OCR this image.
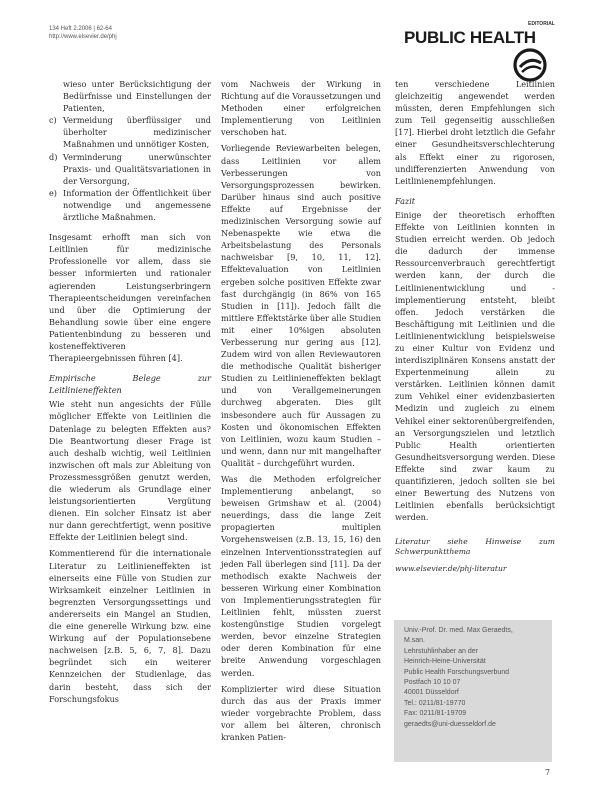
134 Heft 2.2006 | 62-64
http://www.elsevier.de/phj
EDITORIAL
PUBLIC HEALTH
wieso unter Berücksichtigung der Bedürfnisse und Einstellungen der Patienten,
c) Vermeidung überflüssiger und überholter medizinischer Maßnahmen und unnötiger Kosten,
d) Verminderung unerwünschter Praxis- und Qualitätsvariationen in der Versorgung,
e) Information der Öffentlichkeit über notwendige und angemessene ärztliche Maßnahmen.

Insgesamt erhofft man sich von Leitlinien für medizinische Professionelle vor allem, dass sie besser informierten und rationaler agierenden Leistungserbringern Therapieentscheidungen vereinfachen und über die Optimierung der Behandlung sowie über eine engere Patientenbindung zu besseren und kosteneffektiveren Therapieergebnissen führen [4].

Empirische Belege zur Leitlinieneffekten

Wie steht nun angesichts der Fülle möglicher Effekte von Leitlinien die Datenlage zu belegten Effekten aus? Die Beantwortung dieser Frage ist auch deshalb wichtig, weil Leitlinien inzwischen oft mals zur Ableitung von Prozessmessgrößen genutzt werden, die wiederum als Grundlage einer leistungsorientierten Vergütung dienen. Ein solcher Einsatz ist aber nur dann gerechtfertigt, wenn positive Effekte der Leitlinien belegt sind.

Kommentierend für die internationale Literatur zu Leitlinieneffekten ist einerseits eine Fülle von Studien zur Wirksamkeit einzelner Leitlinien in begrenzten Versorgungssettings und andererseits ein Mangel an Studien, die eine generelle Wirkung bzw. eine Wirkung auf der Populationsebene nachweisen [z.B. 5, 6, 7, 8]. Dazu begründet sich ein weiterer Kennzeichen der Studienlage, das darin besteht, dass sich der Forschungsfokus

vom Nachweis der Wirkung in Richtung auf die Voraussetzungen und Methoden einer erfolgreichen Implementierung von Leitlinien verschoben hat.

Vorliegende Reviewarbeiten belegen, dass Leitlinien vor allem Verbesserungen von Versorgungsprozessen bewirken. Darüber hinaus sind auch positive Effekte auf Ergebnisse der medizinischen Versorgung sowie auf Nebenaspekte wie etwa die Arbeitsbelastung des Personals nachweisbar [9, 10, 11, 12]. Effektevaluation von Leitlinien ergeben solche positiven Effekte zwar fast durchgängig (in 86% von 165 Studien in [11]). Jedoch fällt die mittlere Effektstärke über alle Studien mit einer 10%igen absoluten Verbesserung nur gering aus [12]. Zudem wird von allen Reviewautoren die methodische Qualität bisheriger Studien zu Leitlinieneffekten beklagt und von Verallgemeinerungen durchweg abgeraten. Dies gilt insbesondere auch für Aussagen zu Kosten und ökonomischen Effekten von Leitlinien, wozu kaum Studien – und wenn, dann nur mit mangelhafter Qualität – durchgeführt wurden.

Was die Methoden erfolgreicher Implementierung anbelangt, so beweisen Grimshaw et al. (2004) neuerdings, dass die lange Zeit propagierten multiplen Vorgehensweisen (z.B. 13, 15, 16) den einzelnen Interventionsstrategien auf jeden Fall überlegen sind [11]. Da der methodisch exakte Nachweis der besseren Wirkung einer Kombination von Implementierungsstrategien für Leitlinien fehlt, müssten zuerst kostengünstige Studien vorgelegt werden, bevor einzelne Strategien oder deren Kombination für eine breite Anwendung vorgeschlagen werden.

Komplizierter wird diese Situation durch das aus der Praxis immer wieder vorgebrachte Problem, dass vor allem bei älteren, chronisch kranken Patien-

ten verschiedene Leitlinien gleichzeitig angewendet werden müssten, deren Empfehlungen sich zum Teil gegenseitig ausschließen [17]. Hierbei droht letztlich die Gefahr einer Gesundheitsverschlechterung als Effekt einer zu rigorosen, undifferenzierten Anwendung von Leitlinienempfehlungen.

Fazit

Einige der theoretisch erhofften Effekte von Leitlinien konnten in Studien erreicht werden. Ob jedoch die dadurch der immense Ressourcenverbrauch gerechtfertigt werden kann, der durch die Leitlinienentwicklung und -implementierung entsteht, bleibt offen. Jedoch verstärken die Beschäftigung mit Leitlinien und die Leitlinienentwicklung beispielsweise zu einer Kultur von Evidenz und interdisziplinären Konsens anstatt der Expertenmeinung allein zu verstärken. Leitlinien können damit zum Vehikel einer evidenzbasierten Medizin und zugleich zu einem Vehikel einer sektorenübergreifenden, an Versorgungszielen und letztlich Public Health orientierten Gesundheitsversorgung werden. Diese Effekte sind zwar kaum zu quantifizieren, jedoch sollten sie bei einer Bewertung des Nutzens von Leitlinien ebenfalls berücksichtigt werden.

Literatur siehe Hinweise zum Schwerpunktthema
www.elsevier.de/phj-literatur
Univ.-Prof. Dr. med. Max Geraedts,
M.san.
Lehrstuhlinhaber an der
Heinrich-Heine-Universität
Public Health Forschungsverbund
Postfach 10 10 07
40001 Düsseldorf
Tel.: 0211/81-19770
Fax: 0211/81-19709
geraedts@uni-duesseldorf.de
7
